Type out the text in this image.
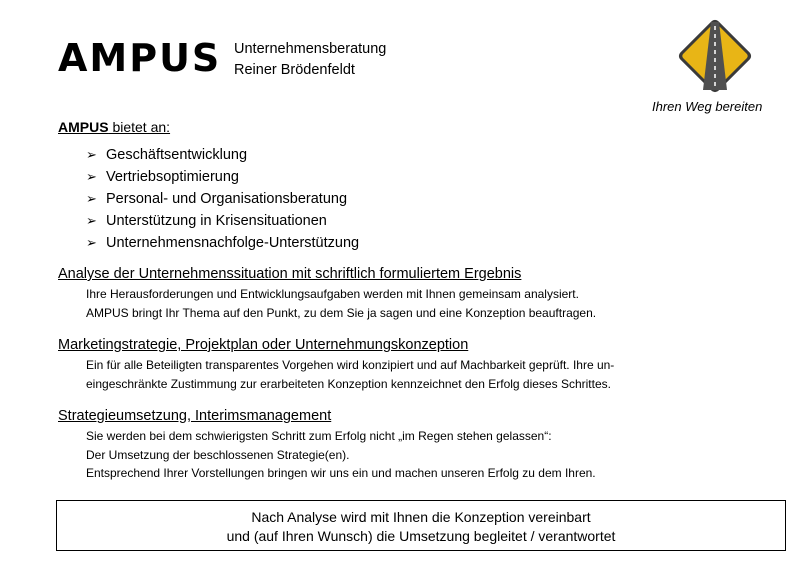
AMPUS Unternehmensberatung
Reiner Brödenfeldt
Ihren Weg bereiten
AMPUS bietet an:
➢ Geschäftsentwicklung
➢ Vertriebsoptimierung
➢ Personal- und Organisationsberatung
➢ Unterstützung in Krisensituationen
➢ Unternehmensnachfolge-Unterstützung
Analyse der Unternehmenssituation mit schriftlich formuliertem Ergebnis
Ihre Herausforderungen und Entwicklungsaufgaben werden mit Ihnen gemeinsam analysiert.
AMPUS bringt Ihr Thema auf den Punkt, zu dem Sie ja sagen und eine Konzeption beauftragen.
Marketingstrategie, Projektplan oder Unternehmungskonzeption
Ein für alle Beteiligten transparentes Vorgehen wird konzipiert und auf Machbarkeit geprüft. Ihre un-
eingeschränkte Zustimmung zur erarbeiteten Konzeption kennzeichnet den Erfolg dieses Schrittes.
Strategieumsetzung, Interimsmanagement
Sie werden bei dem schwierigsten Schritt zum Erfolg nicht „im Regen stehen gelassen“:
Der Umsetzung der beschlossenen Strategie(en).
Entsprechend Ihrer Vorstellungen bringen wir uns ein und machen unseren Erfolg zu dem Ihren.
Nach Analyse wird mit Ihnen die Konzeption vereinbart
und (auf Ihren Wunsch) die Umsetzung begleitet / verantwortet
